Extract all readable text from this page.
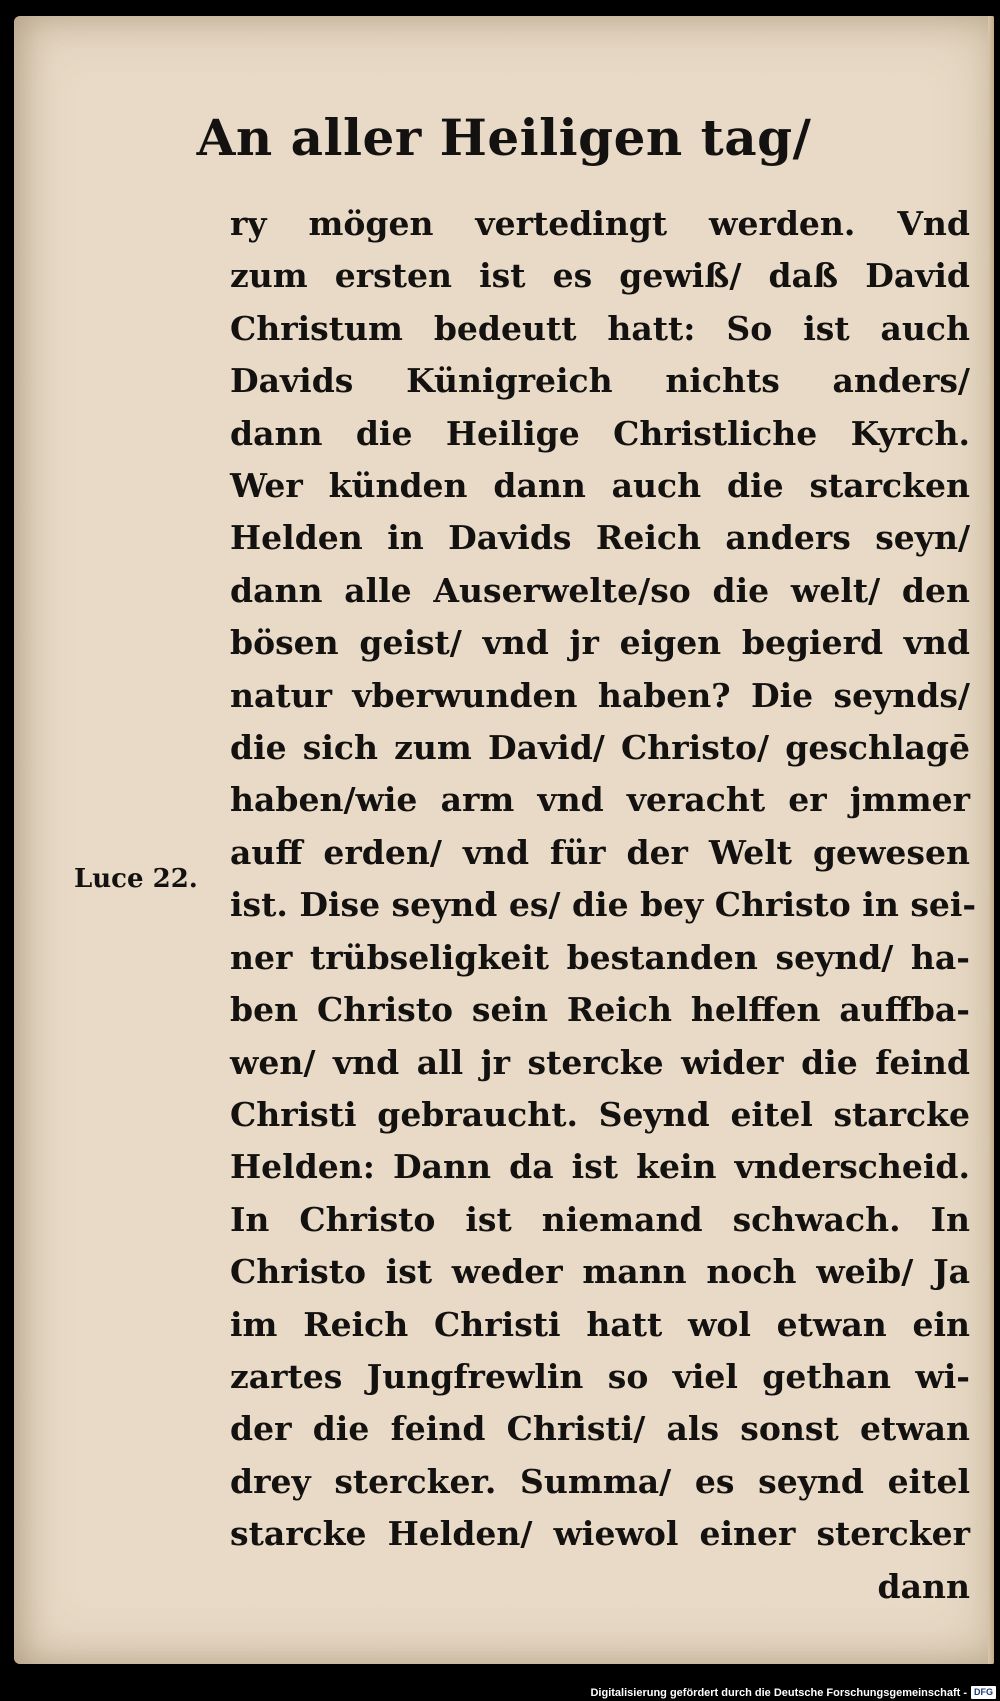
An aller Heiligen tag/
Luce 22.
ry mögen vertedingt werden. Vnd
zum ersten ist es gewiß/ daß David
Christum bedeutt hatt: So ist auch
Davids Künigreich nichts anders/
dann die Heilige Christliche Kyrch.
Wer künden dann auch die starcken
Helden in Davids Reich anders seyn/
dann alle Auserwelte/so die welt/ den
bösen geist/ vnd jr eigen begierd vnd
natur vberwunden haben? Die seynds/
die sich zum David/ Christo/ geschlagē
haben/wie arm vnd veracht er jmmer
auff erden/ vnd für der Welt gewesen
ist. Dise seynd es/ die bey Christo in sei-
ner trübseligkeit bestanden seynd/ ha-
ben Christo sein Reich helffen auffba-
wen/ vnd all jr stercke wider die feind
Christi gebraucht. Seynd eitel starcke
Helden: Dann da ist kein vnderscheid.
In Christo ist niemand schwach. In
Christo ist weder mann noch weib/ Ja
im Reich Christi hatt wol etwan ein
zartes Jungfrewlin so viel gethan wi-
der die feind Christi/ als sonst etwan
drey stercker. Summa/ es seynd eitel
starcke Helden/ wiewol einer stercker
dann
Digitalisierung gefördert durch die Deutsche Forschungsgemeinschaft - DFG
